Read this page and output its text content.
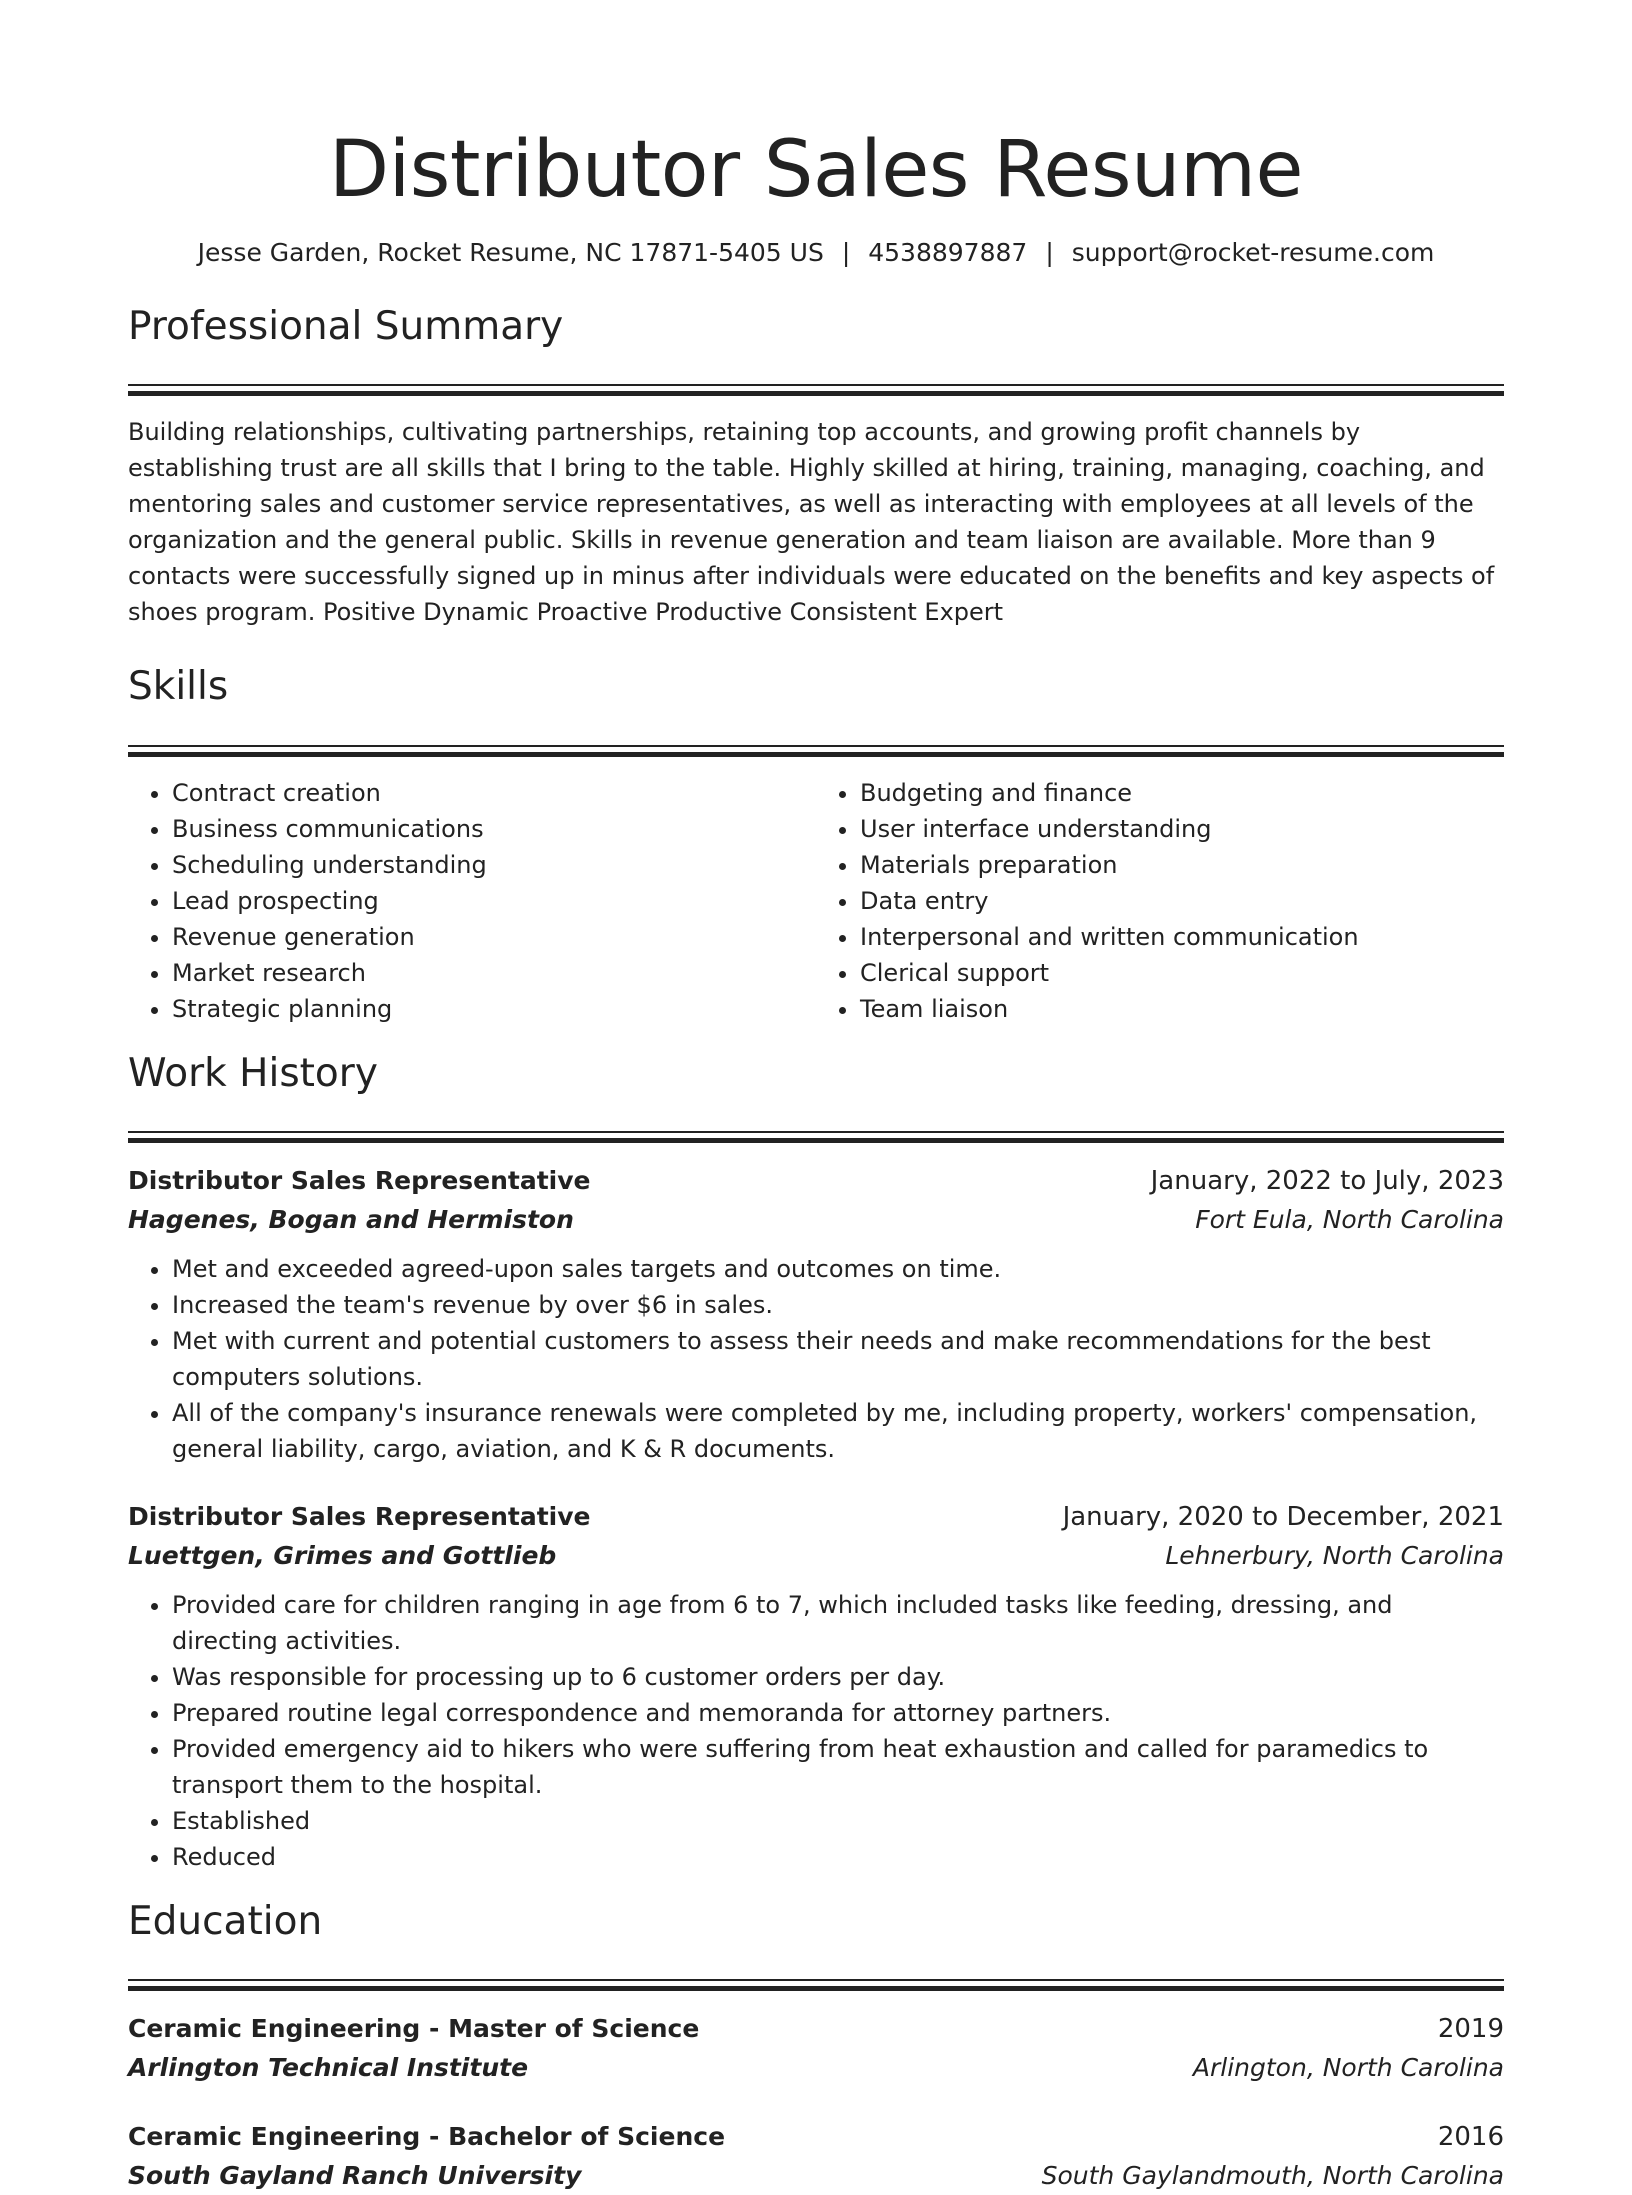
Distributor Sales Resume
Jesse Garden, Rocket Resume, NC 17871-5405 US | 4538897887 | support@rocket-resume.com
Professional Summary

Building relationships, cultivating partnerships, retaining top accounts, and growing profit channels by establishing trust are all skills that I bring to the table. Highly skilled at hiring, training, managing, coaching, and mentoring sales and customer service representatives, as well as interacting with employees at all levels of the organization and the general public. Skills in revenue generation and team liaison are available. More than 9 contacts were successfully signed up in minus after individuals were educated on the benefits and key aspects of shoes program. Positive Dynamic Proactive Productive Consistent Expert

Skills
• Contract creation
• Business communications
• Scheduling understanding
• Lead prospecting
• Revenue generation
• Market research
• Strategic planning
• Budgeting and finance
• User interface understanding
• Materials preparation
• Data entry
• Interpersonal and written communication
• Clerical support
• Team liaison
Work History
Distributor Sales Representative	January, 2022 to July, 2023
Hagenes, Bogan and Hermiston	Fort Eula, North Carolina
• Met and exceeded agreed-upon sales targets and outcomes on time.
• Increased the team's revenue by over $6 in sales.
• Met with current and potential customers to assess their needs and make recommendations for the best computers solutions.
• All of the company's insurance renewals were completed by me, including property, workers' compensation, general liability, cargo, aviation, and K & R documents.
Distributor Sales Representative	January, 2020 to December, 2021
Luettgen, Grimes and Gottlieb	Lehnerbury, North Carolina
• Provided care for children ranging in age from 6 to 7, which included tasks like feeding, dressing, and directing activities.
• Was responsible for processing up to 6 customer orders per day.
• Prepared routine legal correspondence and memoranda for attorney partners.
• Provided emergency aid to hikers who were suffering from heat exhaustion and called for paramedics to transport them to the hospital.
• Established
• Reduced
Education
Ceramic Engineering - Master of Science	2019
Arlington Technical Institute	Arlington, North Carolina
Ceramic Engineering - Bachelor of Science	2016
South Gayland Ranch University	South Gaylandmouth, North Carolina
